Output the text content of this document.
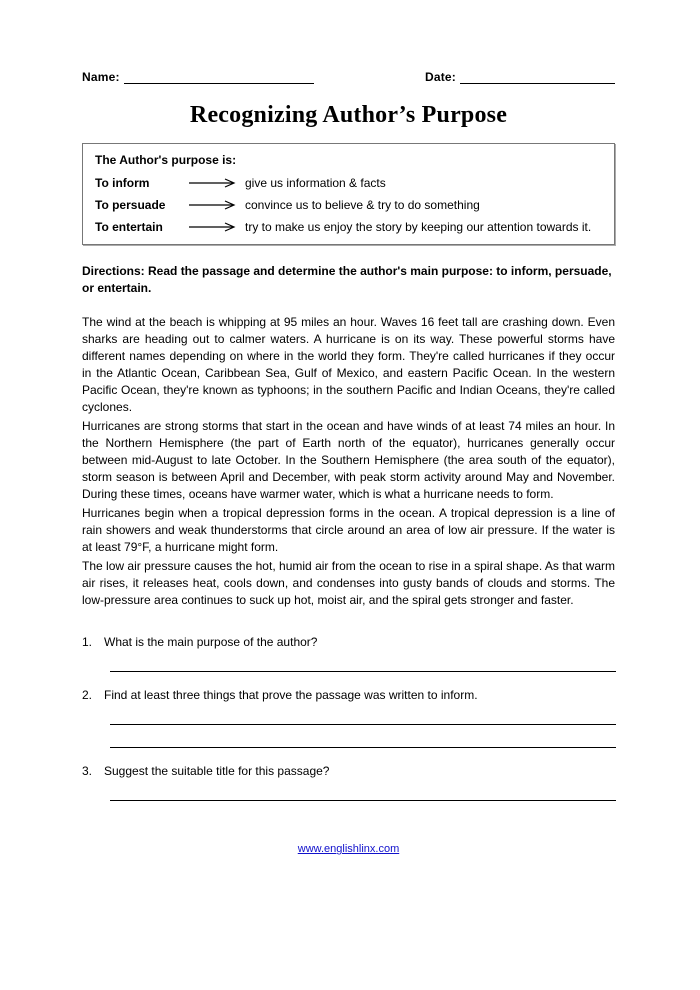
Name:	Date:
Recognizing Author’s Purpose
The Author's purpose is:
To inform	give us information & facts
To persuade	convince us to believe & try to do something
To entertain	try to make us enjoy the story by keeping our attention towards it.
Directions: Read the passage and determine the author's main purpose: to inform, persuade, or entertain.

The wind at the beach is whipping at 95 miles an hour. Waves 16 feet tall are crashing down. Even sharks are heading out to calmer waters. A hurricane is on its way. These powerful storms have different names depending on where in the world they form. They're called hurricanes if they occur in the Atlantic Ocean, Caribbean Sea, Gulf of Mexico, and eastern Pacific Ocean. In the western Pacific Ocean, they're known as typhoons; in the southern Pacific and Indian Oceans, they're called cyclones.

Hurricanes are strong storms that start in the ocean and have winds of at least 74 miles an hour. In the Northern Hemisphere (the part of Earth north of the equator), hurricanes generally occur between mid-August to late October. In the Southern Hemisphere (the area south of the equator), storm season is between April and December, with peak storm activity around May and November. During these times, oceans have warmer water, which is what a hurricane needs to form.

Hurricanes begin when a tropical depression forms in the ocean. A tropical depression is a line of rain showers and weak thunderstorms that circle around an area of low air pressure. If the water is at least 79°F, a hurricane might form.

The low air pressure causes the hot, humid air from the ocean to rise in a spiral shape. As that warm air rises, it releases heat, cools down, and condenses into gusty bands of clouds and storms. The low-pressure area continues to suck up hot, moist air, and the spiral gets stronger and faster.

1. What is the main purpose of the author?
2. Find at least three things that prove the passage was written to inform.
3. Suggest the suitable title for this passage?
www.englishlinx.com
